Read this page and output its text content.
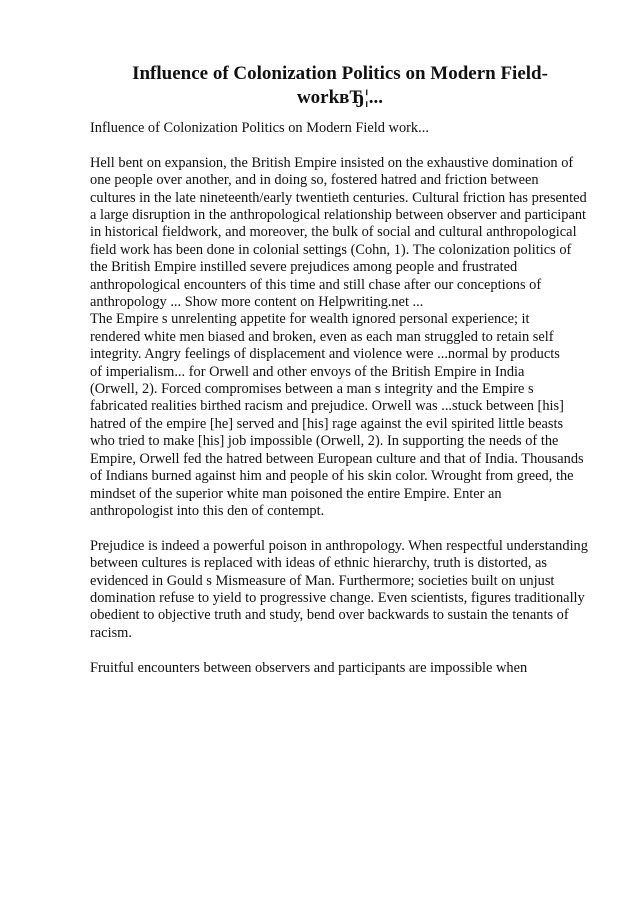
Influence of Colonization Politics on Modern Field-
workвЂ¦...

Influence of Colonization Politics on Modern Field work...

Hell bent on expansion, the British Empire insisted on the exhaustive domination of
one people over another, and in doing so, fostered hatred and friction between
cultures in the late nineteenth/early twentieth centuries. Cultural friction has presented
a large disruption in the anthropological relationship between observer and participant
in historical fieldwork, and moreover, the bulk of social and cultural anthropological
field work has been done in colonial settings (Cohn, 1). The colonization politics of
the British Empire instilled severe prejudices among people and frustrated
anthropological encounters of this time and still chase after our conceptions of
anthropology ... Show more content on Helpwriting.net ...

The Empire s unrelenting appetite for wealth ignored personal experience; it
rendered white men biased and broken, even as each man struggled to retain self
integrity. Angry feelings of displacement and violence were ...normal by products
of imperialism... for Orwell and other envoys of the British Empire in India
(Orwell, 2). Forced compromises between a man s integrity and the Empire s
fabricated realities birthed racism and prejudice. Orwell was ...stuck between [his]
hatred of the empire [he] served and [his] rage against the evil spirited little beasts
who tried to make [his] job impossible (Orwell, 2). In supporting the needs of the
Empire, Orwell fed the hatred between European culture and that of India. Thousands
of Indians burned against him and people of his skin color. Wrought from greed, the
mindset of the superior white man poisoned the entire Empire. Enter an
anthropologist into this den of contempt.

Prejudice is indeed a powerful poison in anthropology. When respectful understanding
between cultures is replaced with ideas of ethnic hierarchy, truth is distorted, as
evidenced in Gould s Mismeasure of Man. Furthermore; societies built on unjust
domination refuse to yield to progressive change. Even scientists, figures traditionally
obedient to objective truth and study, bend over backwards to sustain the tenants of
racism.

Fruitful encounters between observers and participants are impossible when
